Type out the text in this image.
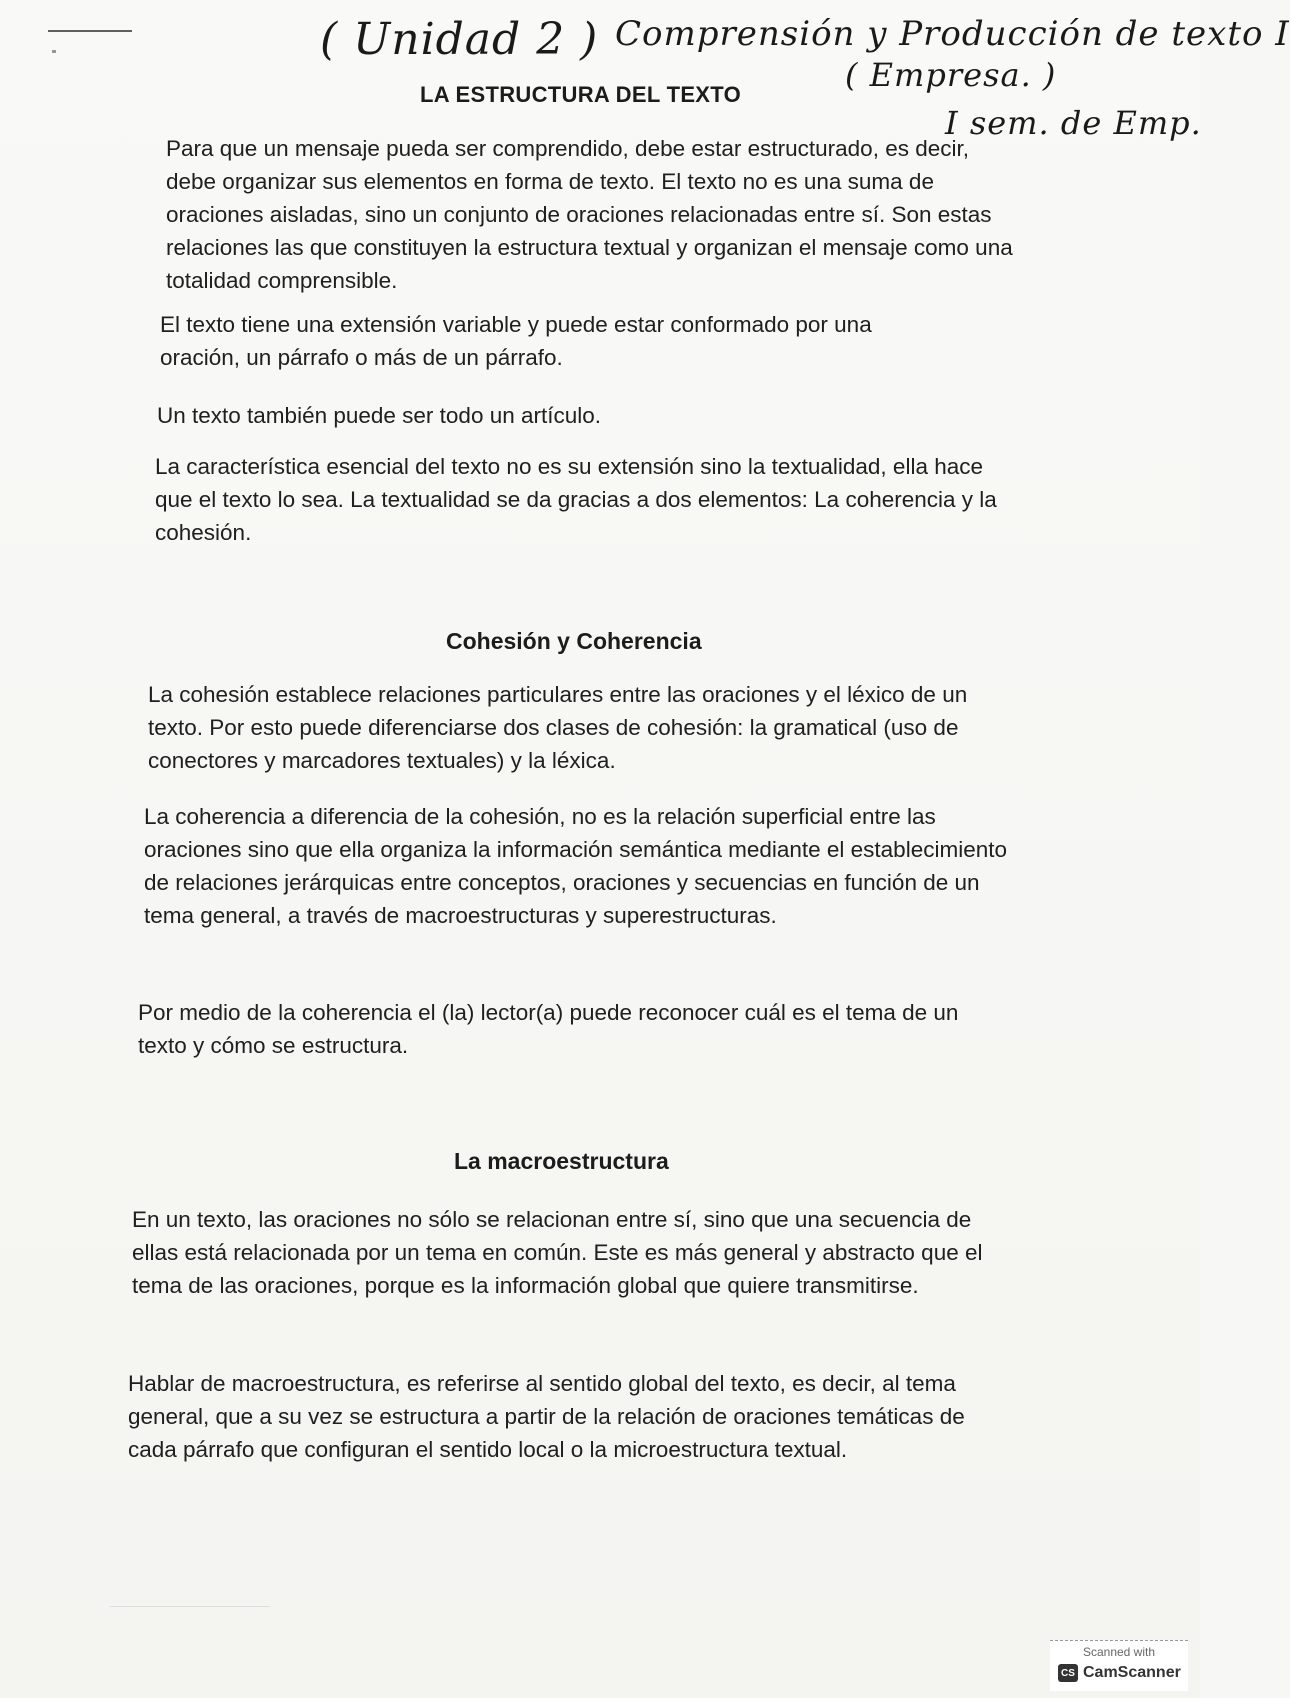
( Unidad 2 ) Comprensión y Producción de texto I
( Empresa. )
I sem. de Emp.
LA ESTRUCTURA DEL TEXTO

Para que un mensaje pueda ser comprendido, debe estar estructurado, es decir, debe organizar sus elementos en forma de texto. El texto no es una suma de oraciones aisladas, sino un conjunto de oraciones relacionadas entre sí. Son estas relaciones las que constituyen la estructura textual y organizan el mensaje como una totalidad comprensible.

El texto tiene una extensión variable y puede estar conformado por una oración, un párrafo o más de un párrafo.

Un texto también puede ser todo un artículo.

La característica esencial del texto no es su extensión sino la textualidad, ella hace que el texto lo sea. La textualidad se da gracias a dos elementos: La coherencia y la cohesión.

Cohesión y Coherencia

La cohesión establece relaciones particulares entre las oraciones y el léxico de un texto. Por esto puede diferenciarse dos clases de cohesión: la gramatical (uso de conectores y marcadores textuales) y la léxica.

La coherencia a diferencia de la cohesión, no es la relación superficial entre las oraciones sino que ella organiza la información semántica mediante el establecimiento de relaciones jerárquicas entre conceptos, oraciones y secuencias en función de un tema general, a través de macroestructuras y superestructuras.

Por medio de la coherencia el (la) lector(a) puede reconocer cuál es el tema de un texto y cómo se estructura.

La macroestructura

En un texto, las oraciones no sólo se relacionan entre sí, sino que una secuencia de ellas está relacionada por un tema en común. Este es más general y abstracto que el tema de las oraciones, porque es la información global que quiere transmitirse.

Hablar de macroestructura, es referirse al sentido global del texto, es decir, al tema general, que a su vez se estructura a partir de la relación de oraciones temáticas de cada párrafo que configuran el sentido local o la microestructura textual.

Scanned with
CS CamScanner
